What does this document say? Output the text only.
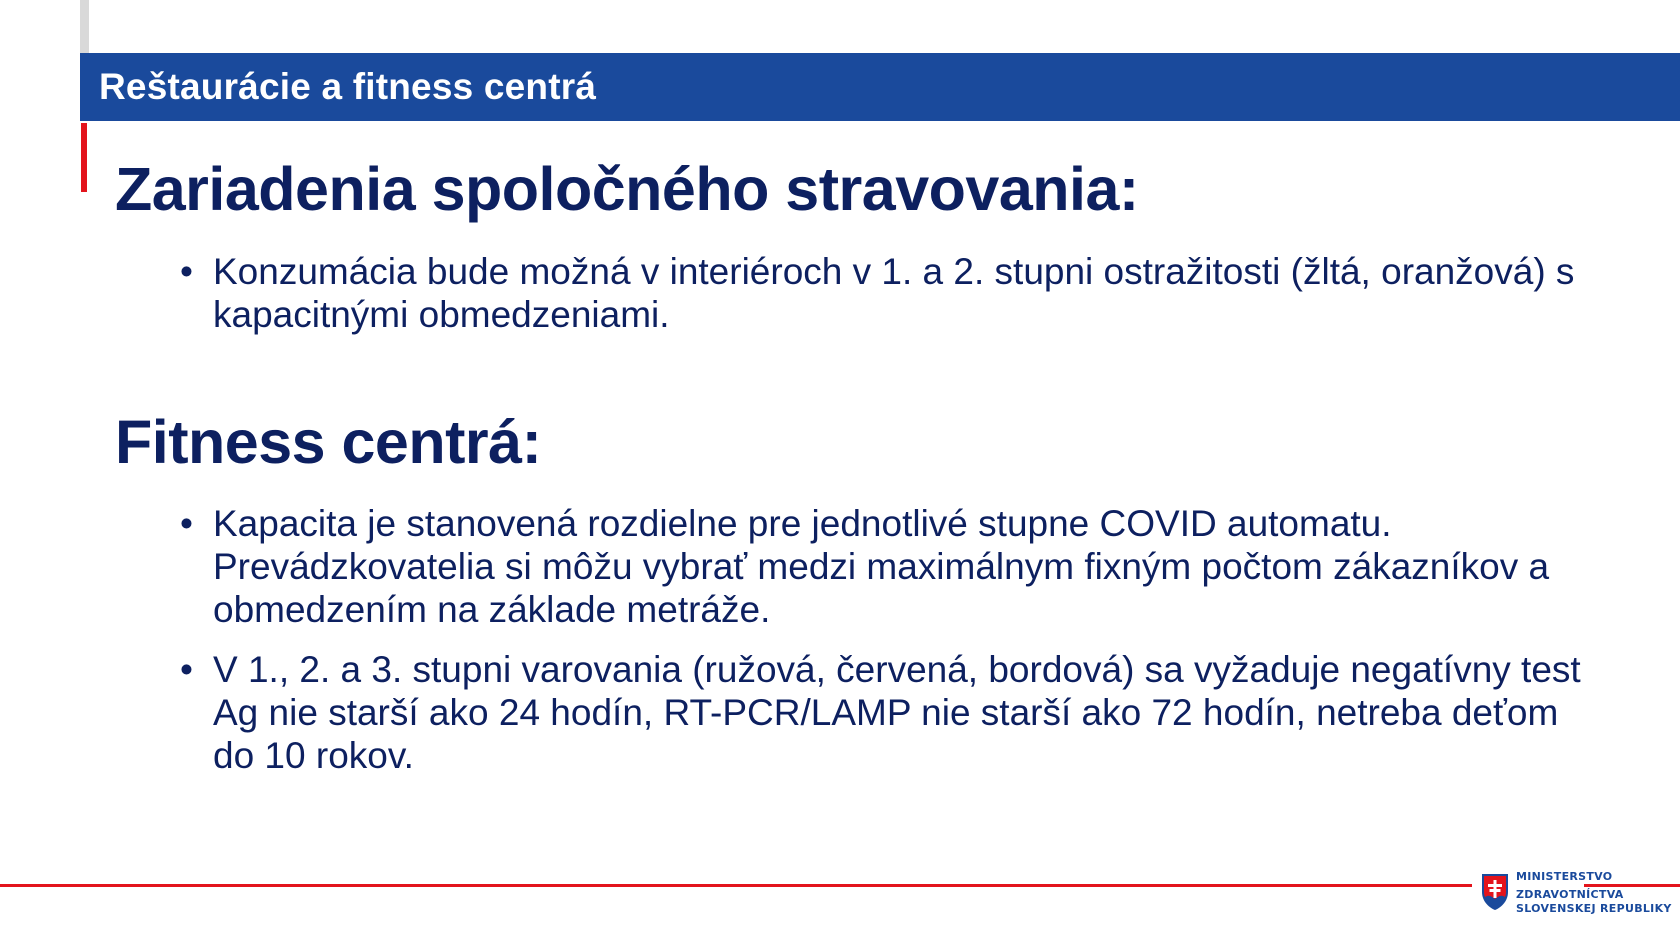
Reštaurácie a fitness centrá
Zariadenia spoločného stravovania:
• Konzumácia bude možná v interiéroch v 1. a 2. stupni ostražitosti (žltá, oranžová) s kapacitnými obmedzeniami.
Fitness centrá:
• Kapacita je stanovená rozdielne pre jednotlivé stupne COVID automatu. Prevádzkovatelia si môžu vybrať medzi maximálnym fixným počtom zákazníkov a obmedzením na základe metráže.
• V 1., 2. a 3. stupni varovania (ružová, červená, bordová) sa vyžaduje negatívny test Ag nie starší ako 24 hodín, RT-PCR/LAMP nie starší ako 72 hodín, netreba deťom do 10 rokov.
MINISTERSTVO
ZDRAVOTNÍCTVA
SLOVENSKEJ REPUBLIKY
